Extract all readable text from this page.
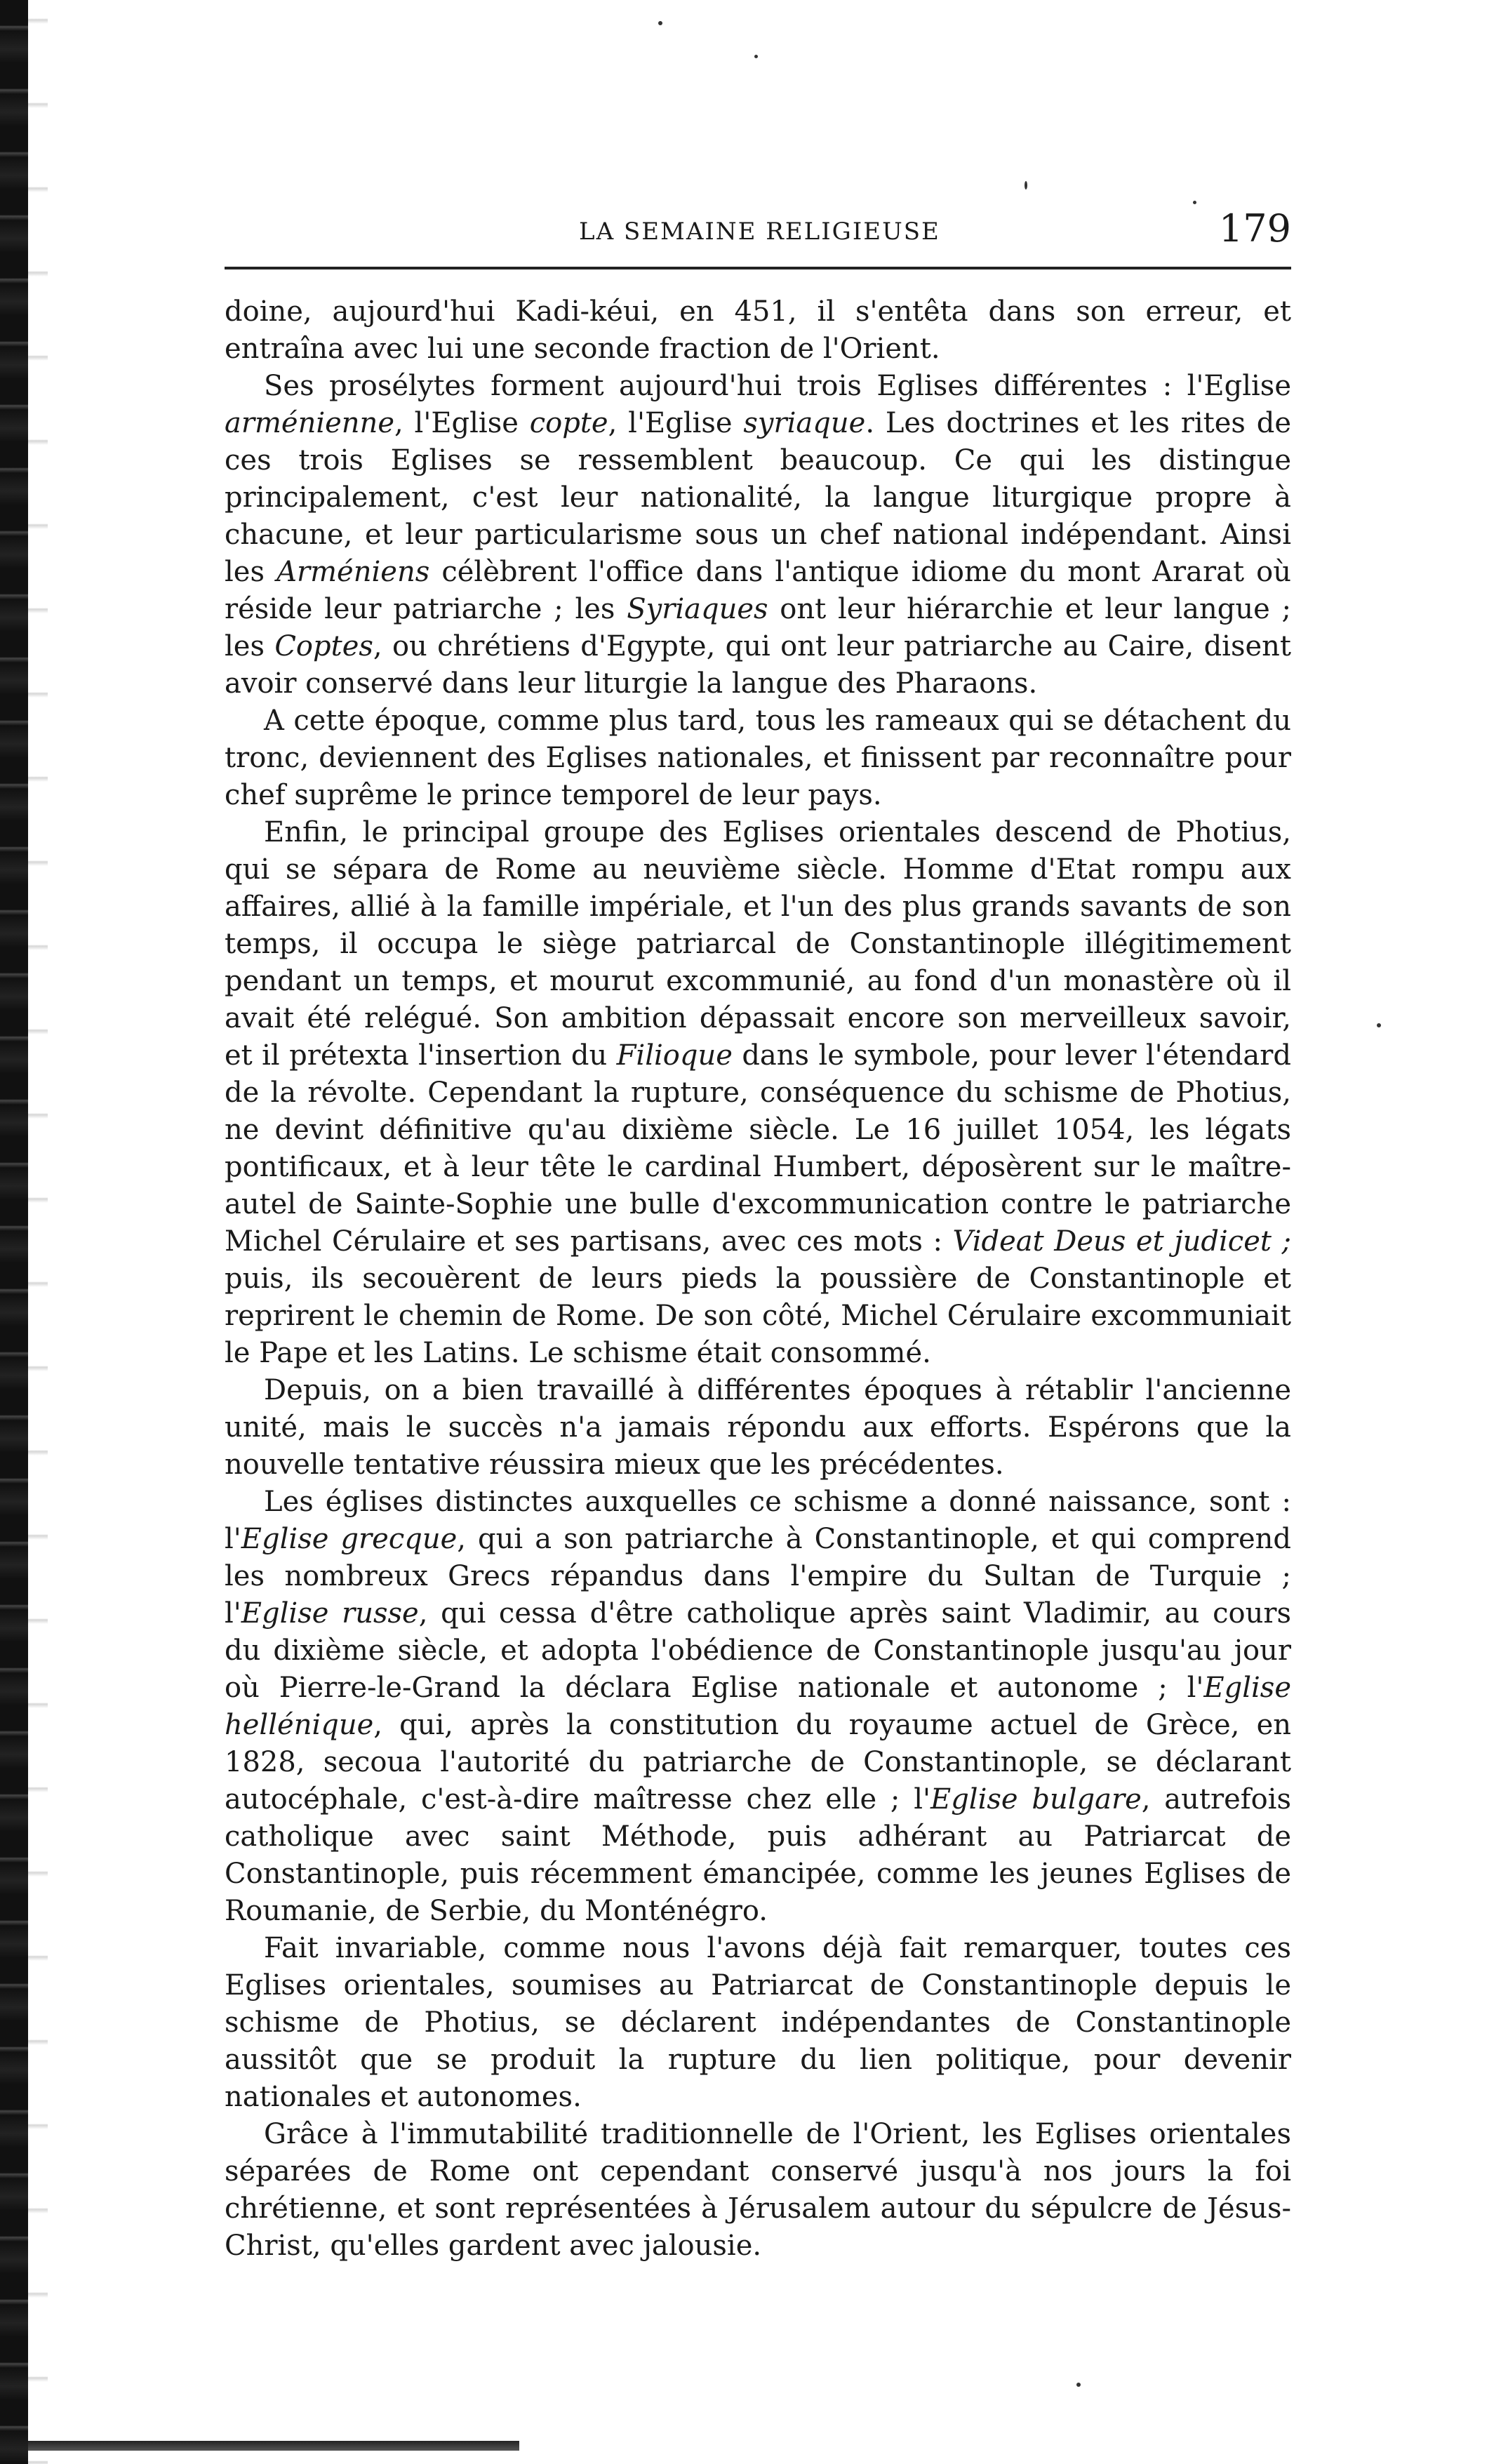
LA SEMAINE RELIGIEUSE	179

doine, aujourd'hui Kadi-kéui, en 451, il s'entêta dans son erreur, et entraîna avec lui une seconde fraction de l'Orient.

Ses prosélytes forment aujourd'hui trois Eglises différentes : l'Eglise arménienne, l'Eglise copte, l'Eglise syriaque. Les doctrines et les rites de ces trois Eglises se ressemblent beaucoup. Ce qui les distingue principalement, c'est leur nationalité, la langue liturgique propre à chacune, et leur particularisme sous un chef national indépendant. Ainsi les Arméniens célèbrent l'office dans l'antique idiome du mont Ararat où réside leur patriarche ; les Syriaques ont leur hiérarchie et leur langue ; les Coptes, ou chrétiens d'Egypte, qui ont leur patriarche au Caire, disent avoir conservé dans leur liturgie la langue des Pharaons.

A cette époque, comme plus tard, tous les rameaux qui se détachent du tronc, deviennent des Eglises nationales, et finissent par reconnaître pour chef suprême le prince temporel de leur pays.

Enfin, le principal groupe des Eglises orientales descend de Photius, qui se sépara de Rome au neuvième siècle. Homme d'Etat rompu aux affaires, allié à la famille impériale, et l'un des plus grands savants de son temps, il occupa le siège patriarcal de Constantinople illégitimement pendant un temps, et mourut excommunié, au fond d'un monastère où il avait été relégué. Son ambition dépassait encore son merveilleux savoir, et il prétexta l'insertion du Filioque dans le symbole, pour lever l'étendard de la révolte. Cependant la rupture, conséquence du schisme de Photius, ne devint définitive qu'au dixième siècle. Le 16 juillet 1054, les légats pontificaux, et à leur tête le cardinal Humbert, déposèrent sur le maître-autel de Sainte-Sophie une bulle d'excommunication contre le patriarche Michel Cérulaire et ses partisans, avec ces mots : Videat Deus et judicet ; puis, ils secouèrent de leurs pieds la poussière de Constantinople et reprirent le chemin de Rome. De son côté, Michel Cérulaire excommuniait le Pape et les Latins. Le schisme était consommé.

Depuis, on a bien travaillé à différentes époques à rétablir l'ancienne unité, mais le succès n'a jamais répondu aux efforts. Espérons que la nouvelle tentative réussira mieux que les précédentes.

Les églises distinctes auxquelles ce schisme a donné naissance, sont : l'Eglise grecque, qui a son patriarche à Constantinople, et qui comprend les nombreux Grecs répandus dans l'empire du Sultan de Turquie ; l'Eglise russe, qui cessa d'être catholique après saint Vladimir, au cours du dixième siècle, et adopta l'obédience de Constantinople jusqu'au jour où Pierre-le-Grand la déclara Eglise nationale et autonome ; l'Eglise hellénique, qui, après la constitution du royaume actuel de Grèce, en 1828, secoua l'autorité du patriarche de Constantinople, se déclarant autocéphale, c'est-à-dire maîtresse chez elle ; l'Eglise bulgare, autrefois catholique avec saint Méthode, puis adhérant au Patriarcat de Constantinople, puis récemment émancipée, comme les jeunes Eglises de Roumanie, de Serbie, du Monténégro.

Fait invariable, comme nous l'avons déjà fait remarquer, toutes ces Eglises orientales, soumises au Patriarcat de Constantinople depuis le schisme de Photius, se déclarent indépendantes de Constantinople aussitôt que se produit la rupture du lien politique, pour devenir nationales et autonomes.

Grâce à l'immutabilité traditionnelle de l'Orient, les Eglises orientales séparées de Rome ont cependant conservé jusqu'à nos jours la foi chrétienne, et sont représentées à Jérusalem autour du sépulcre de Jésus-Christ, qu'elles gardent avec jalousie.
